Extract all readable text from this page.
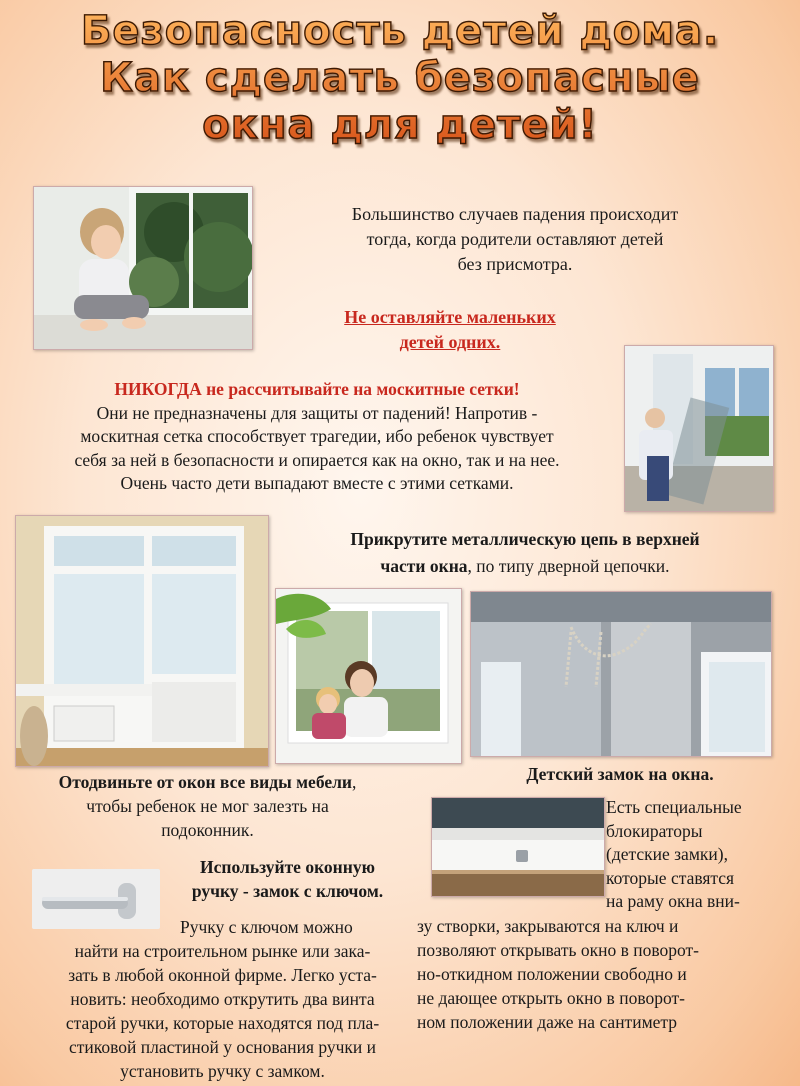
Безопасность детей дома.
Как сделать безопасные
окна для детей!
Большинство случаев падения происходит
тогда, когда родители оставляют детей
без присмотра.
Не оставляйте маленьких
детей одних.
НИКОГДА не рассчитывайте на москитные сетки!
Они не предназначены для защиты от падений! Напротив -
москитная сетка способствует трагедии, ибо ребенок чувствует
себя за ней в безопасности и опирается как на окно, так и на нее.
Очень часто дети выпадают вместе с этими сетками.
Прикрутите металлическую цепь в верхней
части окна, по типу дверной цепочки.
Отодвиньте от окон все виды мебели,
чтобы ребенок не мог залезть на
подоконник.
Детский замок на окна.
Используйте оконную
ручку - замок с ключом.
Ручку с ключом можно
найти на строительном рынке или зака-
зать в любой оконной фирме. Легко уста-
новить: необходимо открутить два винта
старой ручки, которые находятся под пла-
стиковой пластиной у основания ручки и
установить ручку с замком.
Есть специальные
блокираторы
(детские замки),
которые ставятся
на раму окна вни-
зу створки, закрываются на ключ и
позволяют открывать окно в поворот-
но-откидном положении свободно и
не дающее открыть окно в поворот-
ном положении даже на сантиметр
